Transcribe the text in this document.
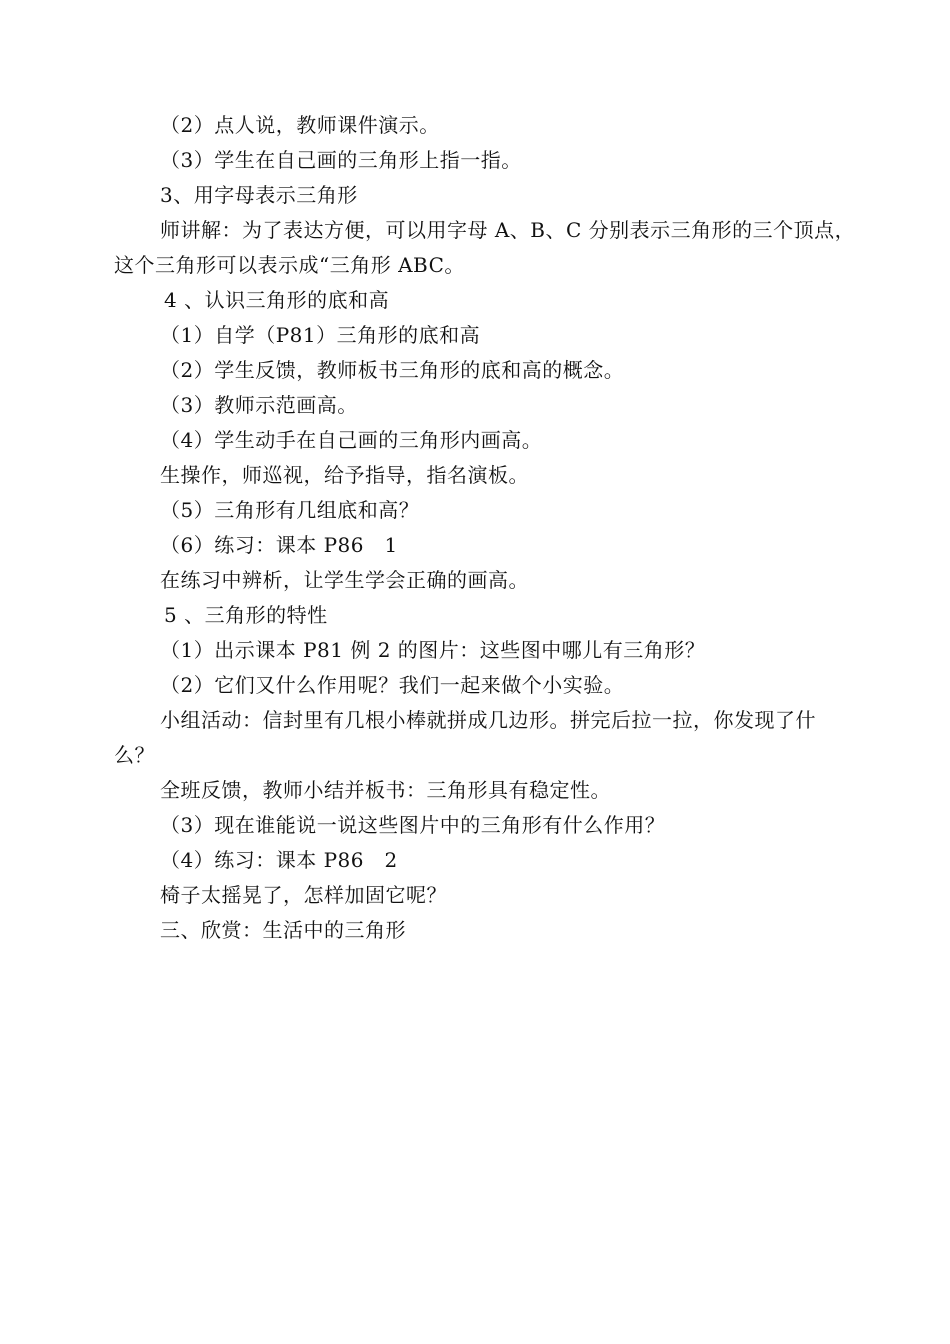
（2）点人说，教师课件演示。
（3）学生在自己画的三角形上指一指。
3、用字母表示三角形
师讲解：为了表达方便，可以用字母 A、B、C 分别表示三角形的三个顶点，
这个三角形可以表示成“三角形 ABC。
4 、认识三角形的底和高
（1）自学（P81）三角形的底和高
（2）学生反馈，教师板书三角形的底和高的概念。
（3）教师示范画高。
（4）学生动手在自己画的三角形内画高。
生操作，师巡视，给予指导，指名演板。
（5）三角形有几组底和高？
（6）练习：课本 P86　1
在练习中辨析，让学生学会正确的画高。
5 、三角形的特性
（1）出示课本 P81 例 2 的图片：这些图中哪儿有三角形？
（2）它们又什么作用呢？我们一起来做个小实验。
小组活动：信封里有几根小棒就拼成几边形。拼完后拉一拉，你发现了什
么？
全班反馈，教师小结并板书：三角形具有稳定性。
（3）现在谁能说一说这些图片中的三角形有什么作用？
（4）练习：课本 P86　2
椅子太摇晃了，怎样加固它呢？
三、欣赏：生活中的三角形
